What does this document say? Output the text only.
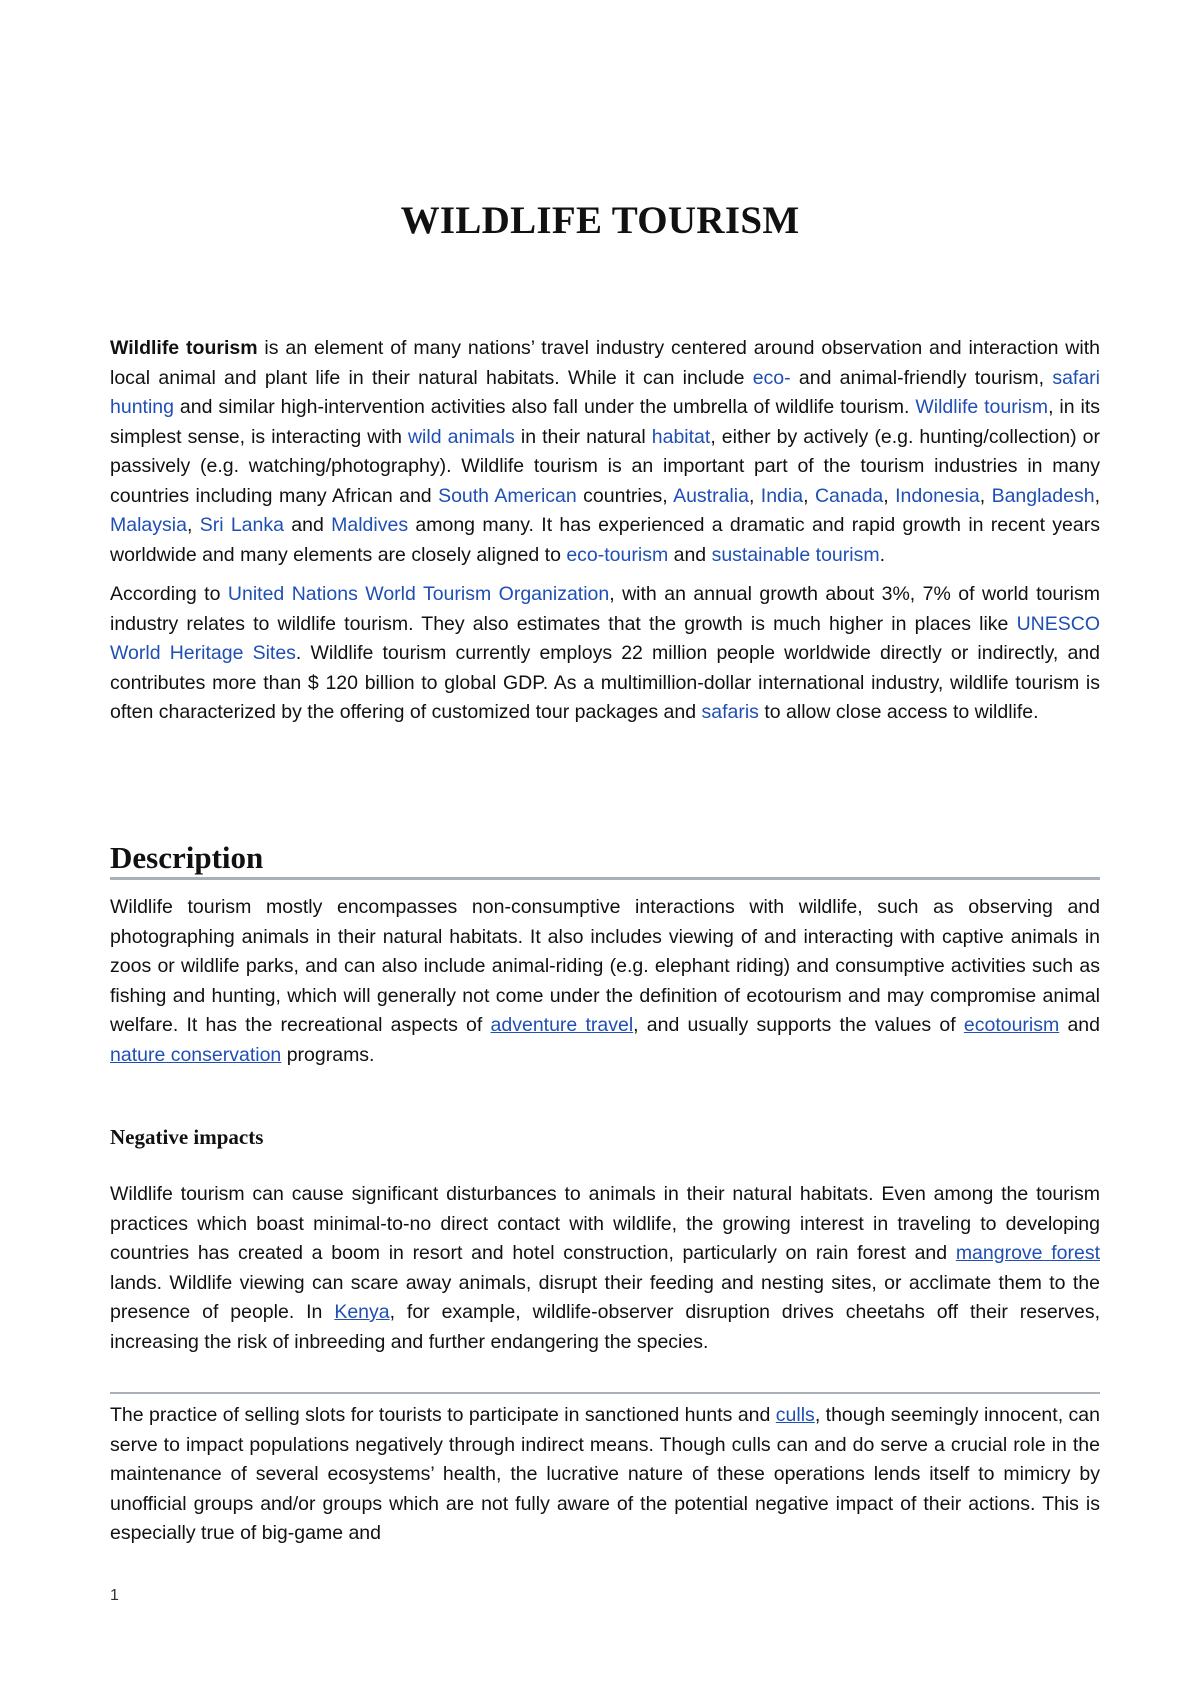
WILDLIFE TOURISM

Wildlife tourism is an element of many nations’ travel industry centered around observation and interaction with local animal and plant life in their natural habitats. While it can include eco- and animal-friendly tourism, safari hunting and similar high-intervention activities also fall under the umbrella of wildlife tourism. Wildlife tourism, in its simplest sense, is interacting with wild animals in their natural habitat, either by actively (e.g. hunting/collection) or passively (e.g. watching/photography). Wildlife tourism is an important part of the tourism industries in many countries including many African and South American countries, Australia, India, Canada, Indonesia, Bangladesh, Malaysia, Sri Lanka and Maldives among many. It has experienced a dramatic and rapid growth in recent years worldwide and many elements are closely aligned to eco-tourism and sustainable tourism.

According to United Nations World Tourism Organization, with an annual growth about 3%, 7% of world tourism industry relates to wildlife tourism. They also estimates that the growth is much higher in places like UNESCO World Heritage Sites. Wildlife tourism currently employs 22 million people worldwide directly or indirectly, and contributes more than $ 120 billion to global GDP. As a multimillion-dollar international industry, wildlife tourism is often characterized by the offering of customized tour packages and safaris to allow close access to wildlife.

Description

Wildlife tourism mostly encompasses non-consumptive interactions with wildlife, such as observing and photographing animals in their natural habitats. It also includes viewing of and interacting with captive animals in zoos or wildlife parks, and can also include animal-riding (e.g. elephant riding) and consumptive activities such as fishing and hunting, which will generally not come under the definition of ecotourism and may compromise animal welfare. It has the recreational aspects of adventure travel, and usually supports the values of ecotourism and nature conservation programs.

Negative impacts

Wildlife tourism can cause significant disturbances to animals in their natural habitats. Even among the tourism practices which boast minimal-to-no direct contact with wildlife, the growing interest in traveling to developing countries has created a boom in resort and hotel construction, particularly on rain forest and mangrove forest lands. Wildlife viewing can scare away animals, disrupt their feeding and nesting sites, or acclimate them to the presence of people. In Kenya, for example, wildlife-observer disruption drives cheetahs off their reserves, increasing the risk of inbreeding and further endangering the species.

The practice of selling slots for tourists to participate in sanctioned hunts and culls, though seemingly innocent, can serve to impact populations negatively through indirect means. Though culls can and do serve a crucial role in the maintenance of several ecosystems’ health, the lucrative nature of these operations lends itself to mimicry by unofficial groups and/or groups which are not fully aware of the potential negative impact of their actions. This is especially true of big-game and

1
